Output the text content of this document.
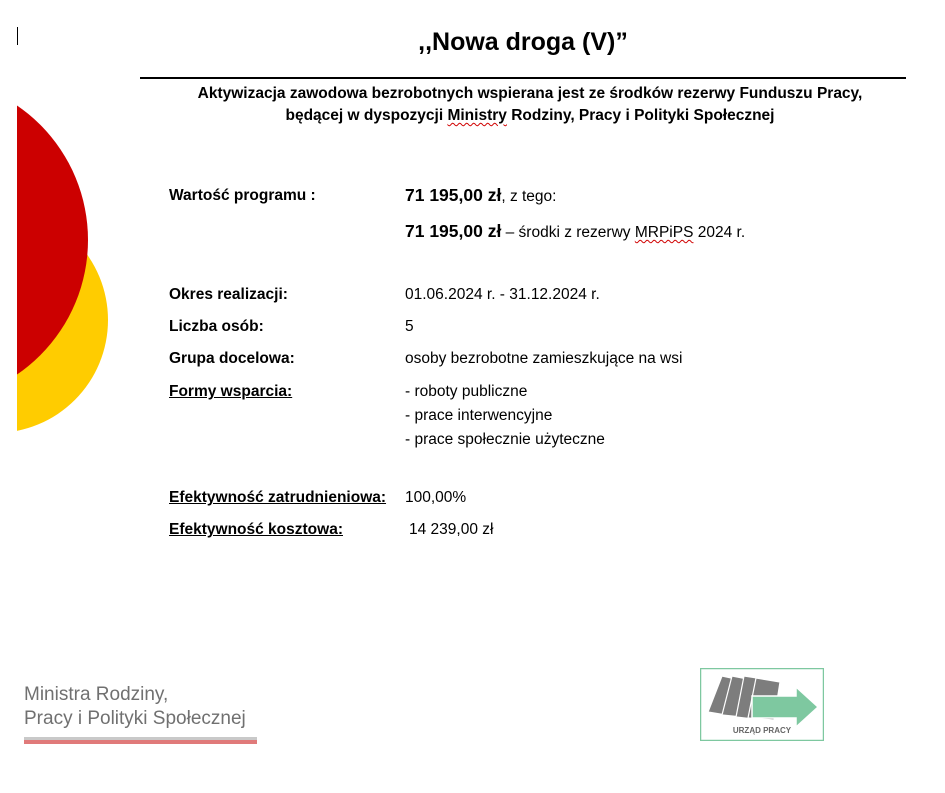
,,Nowa droga (V)”
Aktywizacja zawodowa bezrobotnych wspierana jest ze środków rezerwy Funduszu Pracy,
będącej w dyspozycji Ministry Rodziny, Pracy i Polityki Społecznej
Wartość programu :	71 195,00 zł, z tego:
71 195,00 zł – środki z rezerwy MRPiPS 2024 r.
Okres realizacji:	01.06.2024 r. - 31.12.2024 r.
Liczba osób:	5
Grupa docelowa:	osoby bezrobotne zamieszkujące na wsi
Formy wsparcia:	- roboty publiczne
- prace interwencyjne
- prace społecznie użyteczne
Efektywność zatrudnieniowa: 100,00%
Efektywność kosztowa:	14 239,00 zł
Ministra Rodziny,
Pracy i Polityki Społecznej
URZĄD PRACY
